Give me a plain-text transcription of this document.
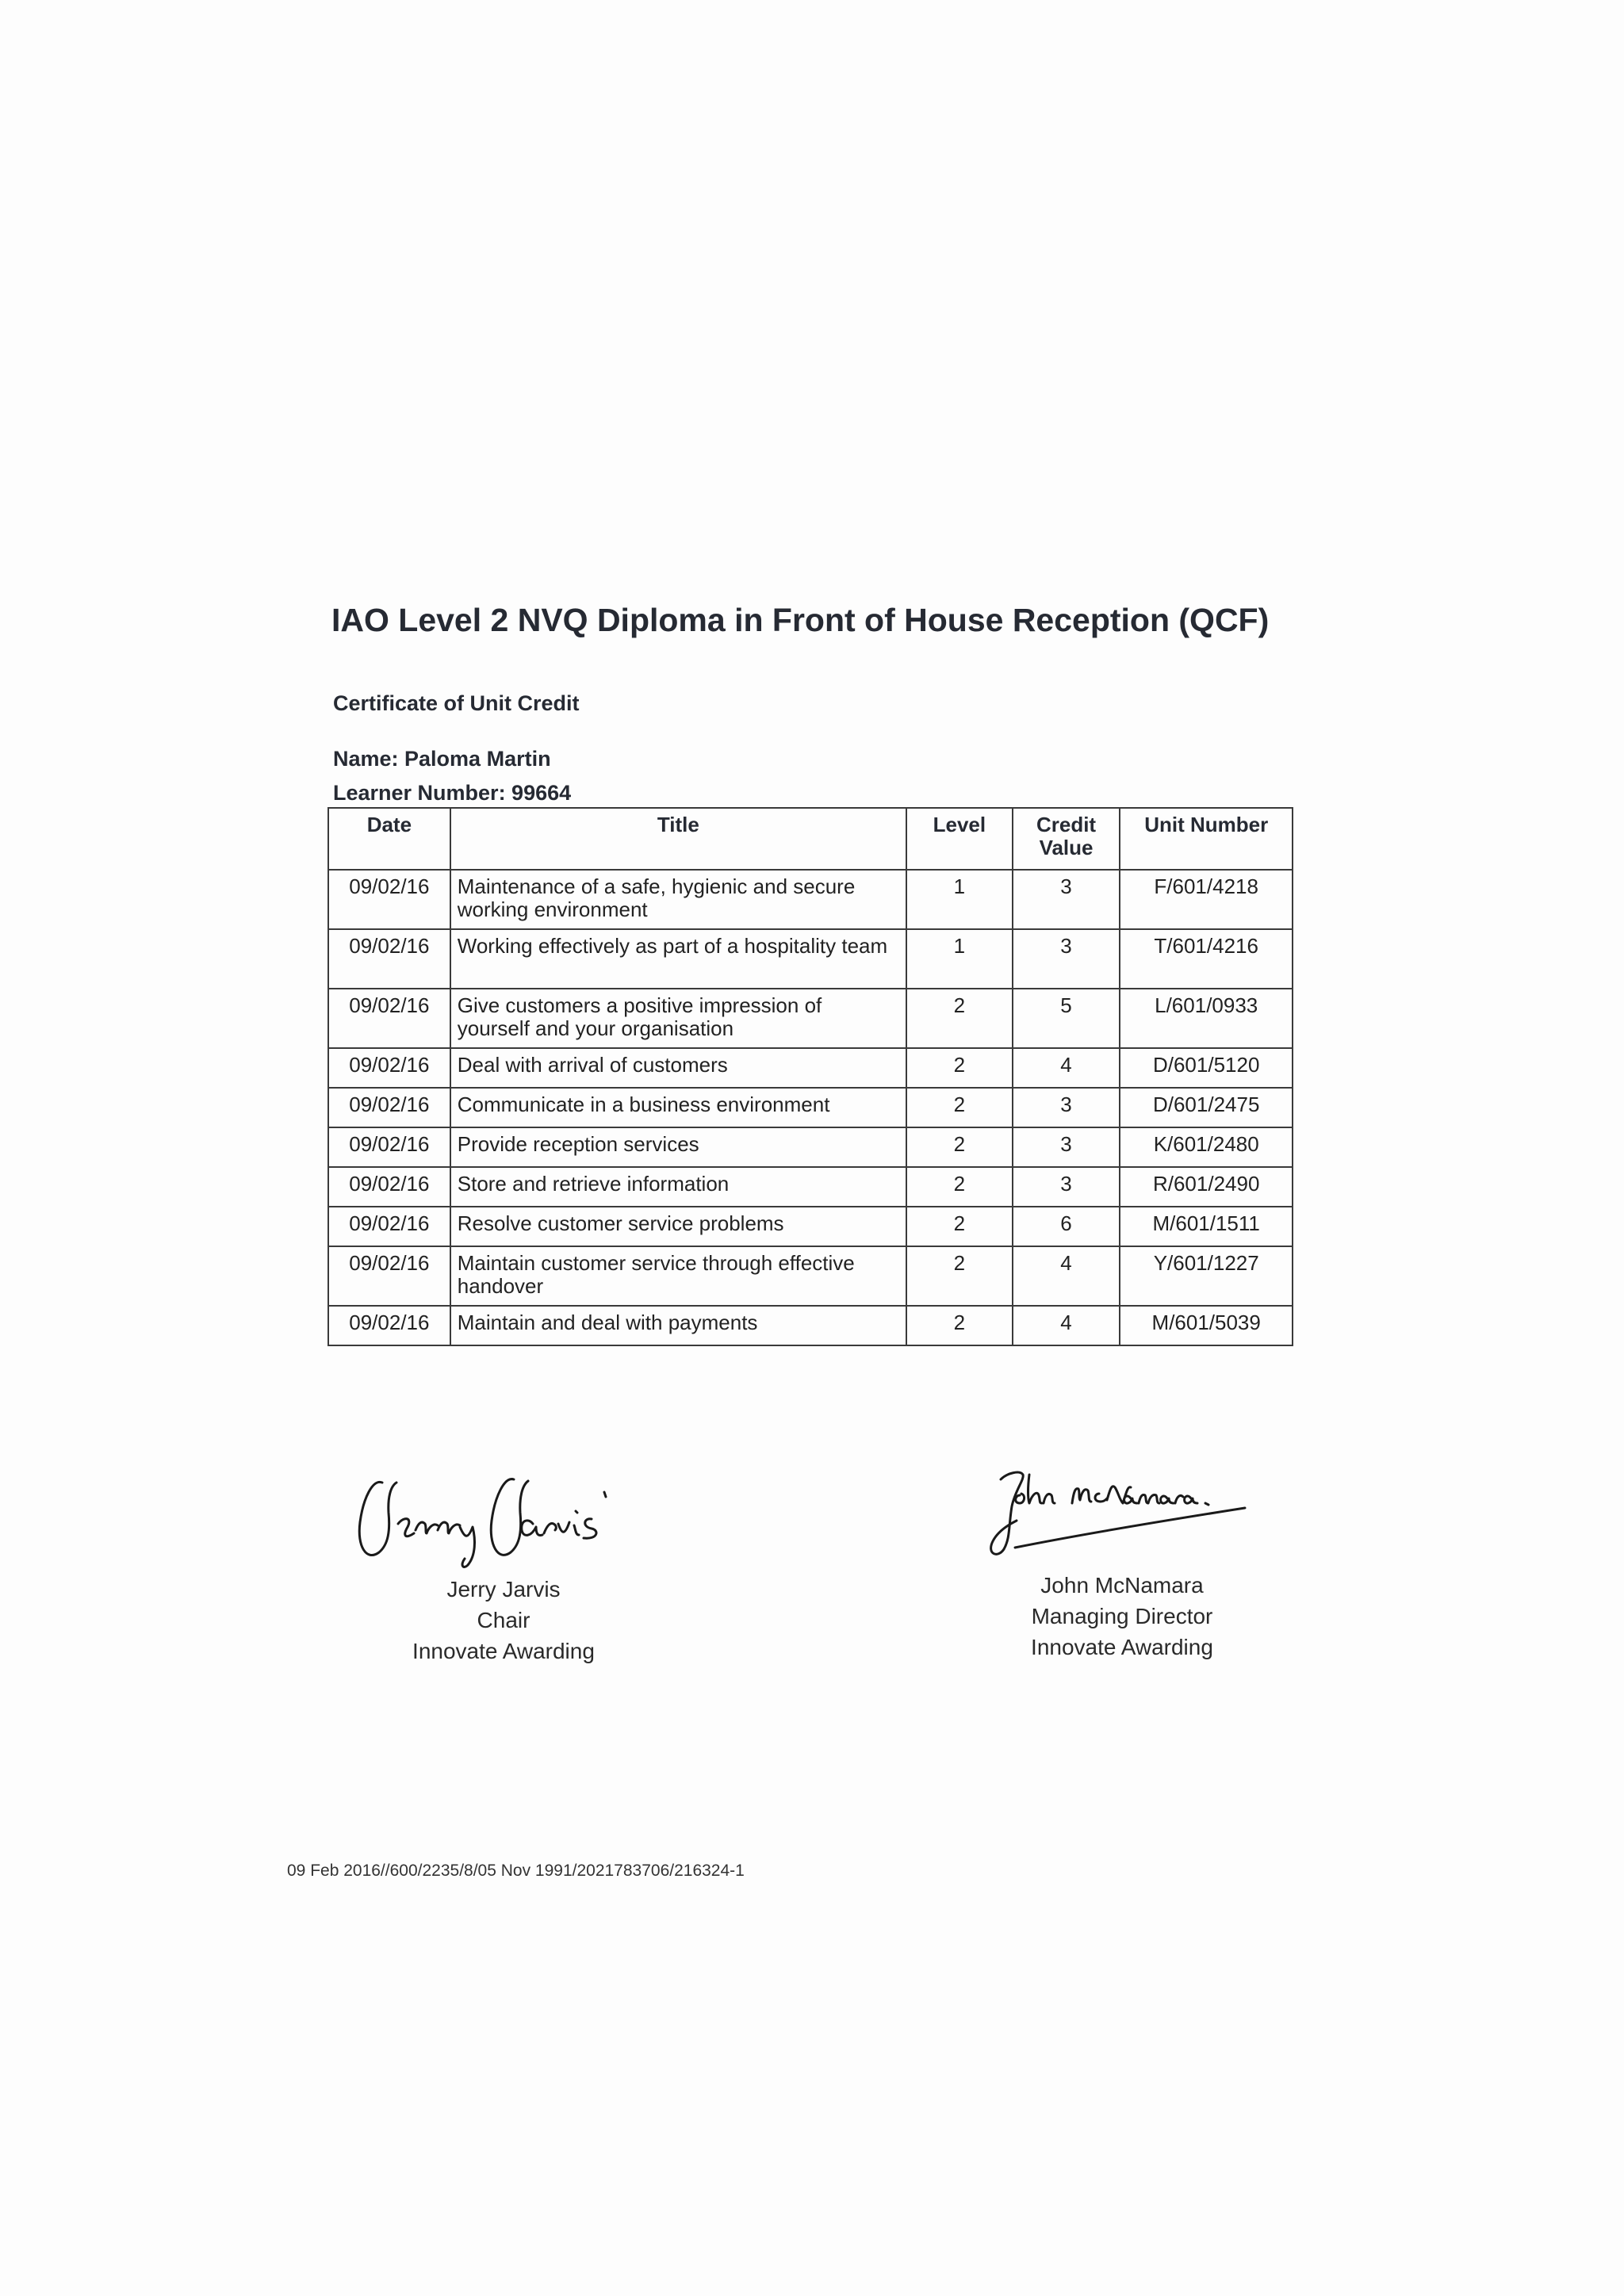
IAO Level 2 NVQ Diploma in Front of House Reception (QCF)

Certificate of Unit Credit

Name: Paloma Martin

Learner Number: 99664

Date	Title	Level	Credit Value	Unit Number
09/02/16	Maintenance of a safe, hygienic and secure working environment	1	3	F/601/4218
09/02/16	Working effectively as part of a hospitality team	1	3	T/601/4216
09/02/16	Give customers a positive impression of yourself and your organisation	2	5	L/601/0933
09/02/16	Deal with arrival of customers	2	4	D/601/5120
09/02/16	Communicate in a business environment	2	3	D/601/2475
09/02/16	Provide reception services	2	3	K/601/2480
09/02/16	Store and retrieve information	2	3	R/601/2490
09/02/16	Resolve customer service problems	2	6	M/601/1511
09/02/16	Maintain customer service through effective handover	2	4	Y/601/1227
09/02/16	Maintain and deal with payments	2	4	M/601/5039
Jerry Jarvis
Chair
Innovate Awarding
John McNamara
Managing Director
Innovate Awarding

09 Feb 2016//600/2235/8/05 Nov 1991/2021783706/216324-1
